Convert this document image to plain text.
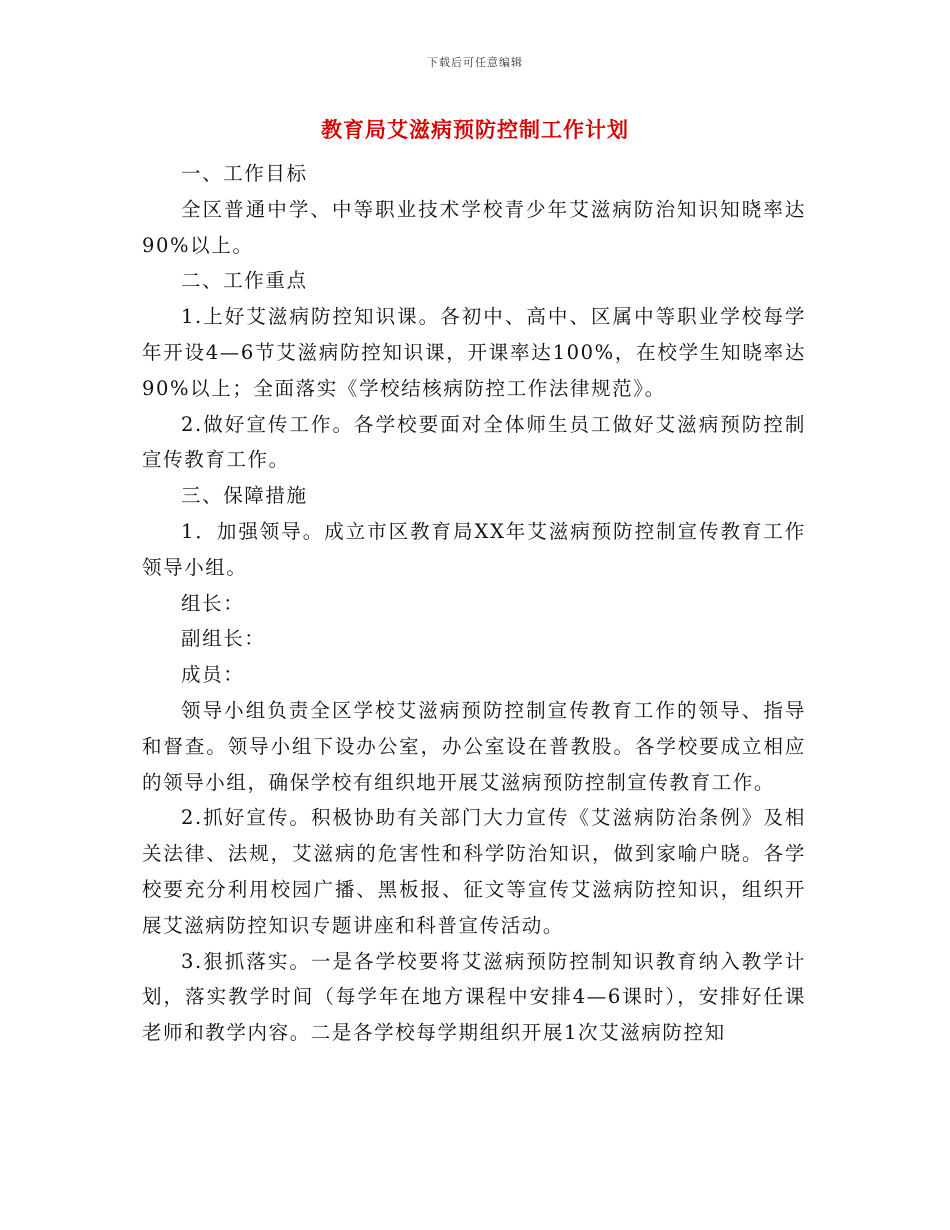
下载后可任意编辑
教育局艾滋病预防控制工作计划

一、工作目标

全区普通中学、中等职业技术学校青少年艾滋病防治知识知晓率达90%以上。

二、工作重点

1.上好艾滋病防控知识课。各初中、高中、区属中等职业学校每学年开设4—6节艾滋病防控知识课，开课率达100%，在校学生知晓率达90%以上；全面落实《学校结核病防控工作法律规范》。

2.做好宣传工作。各学校要面对全体师生员工做好艾滋病预防控制宣传教育工作。

三、保障措施

1．加强领导。成立市区教育局XX年艾滋病预防控制宣传教育工作领导小组。

组长：

副组长：

成员：

领导小组负责全区学校艾滋病预防控制宣传教育工作的领导、指导和督查。领导小组下设办公室，办公室设在普教股。各学校要成立相应的领导小组，确保学校有组织地开展艾滋病预防控制宣传教育工作。

2.抓好宣传。积极协助有关部门大力宣传《艾滋病防治条例》及相关法律、法规，艾滋病的危害性和科学防治知识，做到家喻户晓。各学校要充分利用校园广播、黑板报、征文等宣传艾滋病防控知识，组织开展艾滋病防控知识专题讲座和科普宣传活动。

3.狠抓落实。一是各学校要将艾滋病预防控制知识教育纳入教学计划，落实教学时间（每学年在地方课程中安排4—6课时），安排好任课老师和教学内容。二是各学校每学期组织开展1次艾滋病防控知
